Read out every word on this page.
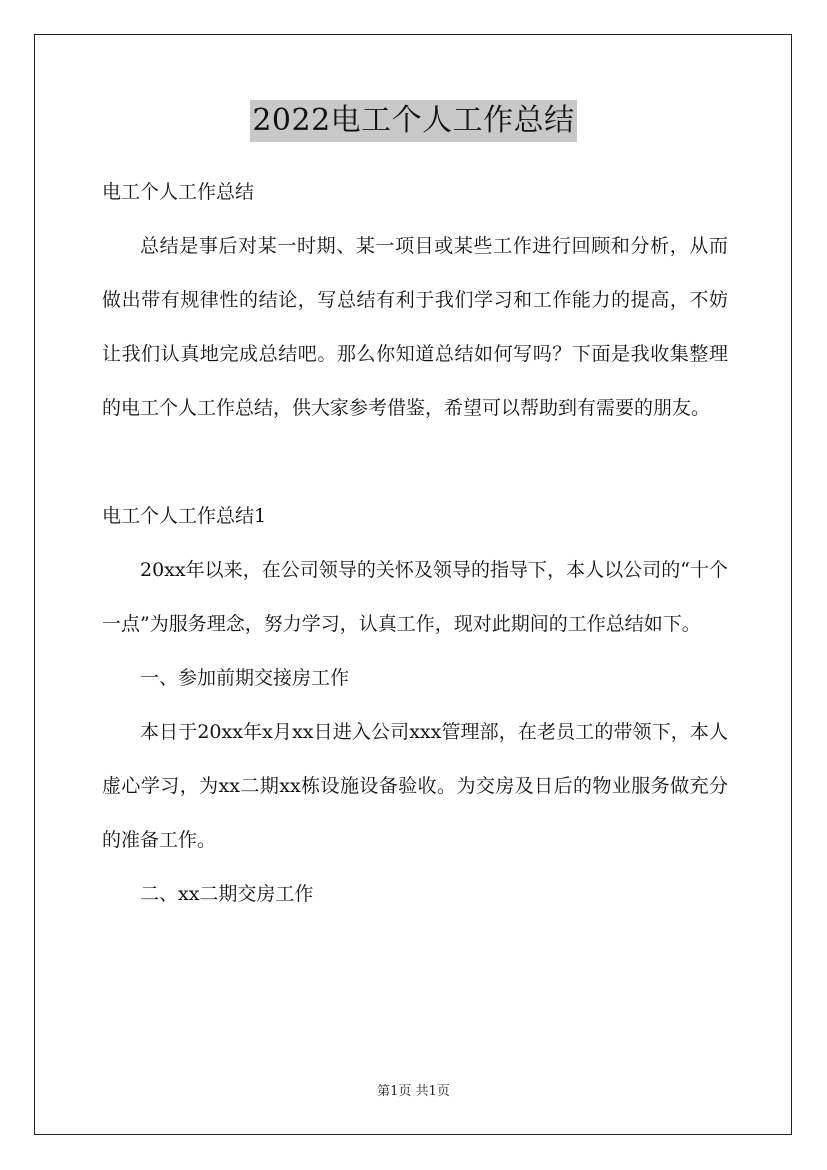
2022电工个人工作总结

电工个人工作总结

总结是事后对某一时期、某一项目或某些工作进行回顾和分析，从而做出带有规律性的结论，写总结有利于我们学习和工作能力的提高，不妨让我们认真地完成总结吧。那么你知道总结如何写吗？下面是我收集整理的电工个人工作总结，供大家参考借鉴，希望可以帮助到有需要的朋友。

电工个人工作总结1

20xx年以来，在公司领导的关怀及领导的指导下，本人以公司的“十个一点”为服务理念，努力学习，认真工作，现对此期间的工作总结如下。

一、参加前期交接房工作

本日于20xx年x月xx日进入公司xxx管理部，在老员工的带领下，本人虚心学习，为xx二期xx栋设施设备验收。为交房及日后的物业服务做充分的准备工作。

二、xx二期交房工作

第1页 共1页
